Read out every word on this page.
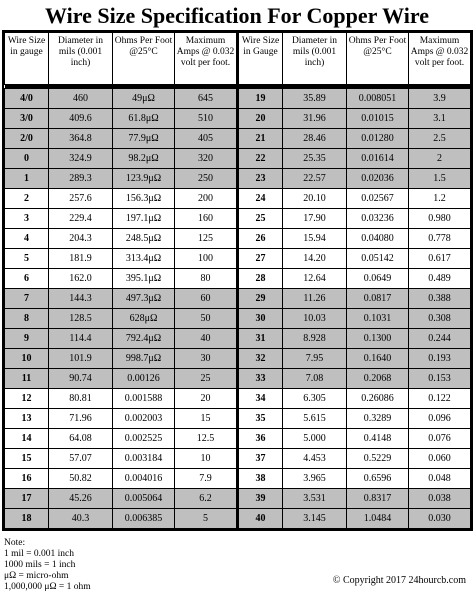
Wire Size Specification For Copper Wire
Wire Size in gauge	Diameter in mils (0.001 inch)	Ohms Per Foot @25°C	Maximum Amps @ 0.032 volt per foot.

4/0	460	49μΩ	645
3/0	409.6	61.8μΩ	510
2/0	364.8	77.9μΩ	405
0	324.9	98.2μΩ	320
1	289.3	123.9μΩ	250
2	257.6	156.3μΩ	200
3	229.4	197.1μΩ	160
4	204.3	248.5μΩ	125
5	181.9	313.4μΩ	100
6	162.0	395.1μΩ	80
7	144.3	497.3μΩ	60
8	128.5	628μΩ	50
9	114.4	792.4μΩ	40
10	101.9	998.7μΩ	30
11	90.74	0.00126	25
12	80.81	0.001588	20
13	71.96	0.002003	15
14	64.08	0.002525	12.5
15	57.07	0.003184	10
16	50.82	0.004016	7.9
17	45.26	0.005064	6.2
18	40.3	0.006385	5
Wire Size in Gauge	Diameter in mils (0.001 inch)	Ohms Per Foot @25°C	Maximum Amps @ 0.032 volt per foot.

19	35.89	0.008051	3.9
20	31.96	0.01015	3.1
21	28.46	0.01280	2.5
22	25.35	0.01614	2
23	22.57	0.02036	1.5
24	20.10	0.02567	1.2
25	17.90	0.03236	0.980
26	15.94	0.04080	0.778
27	14.20	0.05142	0.617
28	12.64	0.0649	0.489
29	11.26	0.0817	0.388
30	10.03	0.1031	0.308
31	8.928	0.1300	0.244
32	7.95	0.1640	0.193
33	7.08	0.2068	0.153
34	6.305	0.26086	0.122
35	5.615	0.3289	0.096
36	5.000	0.4148	0.076
37	4.453	0.5229	0.060
38	3.965	0.6596	0.048
39	3.531	0.8317	0.038
40	3.145	1.0484	0.030
Note:
1 mil = 0.001 inch
1000 mils = 1 inch
μΩ = micro-ohm
1,000,000 μΩ = 1 ohm
© Copyright 2017 24hourcb.com
